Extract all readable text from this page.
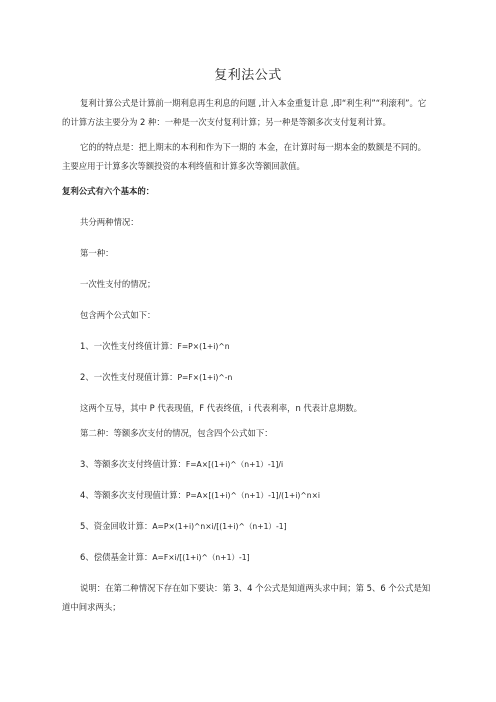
复利法公式

复利计算公式是计算前一期利息再生利息的问题 ,计入本金重复计息 ,即“利生利”“利滚利”。它的计算方法主要分为 2 种：一种是一次支付复利计算；另一种是等额多次支付复利计算。

它的的特点是：把上期末的本利和作为下一期的 本金，在计算时每一期本金的数额是不同的。主要应用于计算多次等额投资的本利终值和计算多次等额回款值。

复利公式有六个基本的：

共分两种情况：

第一种：

一次性支付的情况；

包含两个公式如下：

1、一次性支付终值计算：F=P×(1+i)^n

2、一次性支付现值计算：P=F×(1+i)^-n

这两个互导，其中 P 代表现值，F 代表终值，i 代表利率，n 代表计息期数。

第二种：等额多次支付的情况，包含四个公式如下：

3、等额多次支付终值计算：F=A×[(1+i)^（n+1）-1]/i

4、等额多次支付现值计算：P=A×[(1+i)^（n+1）-1]/(1+i)^n×i

5、资金回收计算：A=P×(1+i)^n×i/[(1+i)^（n+1）-1]

6、偿债基金计算：A=F×i/[(1+i)^（n+1）-1]

说明：在第二种情况下存在如下要诀：第 3、4 个公式是知道两头求中间；第 5、6 个公式是知道中间求两头；
